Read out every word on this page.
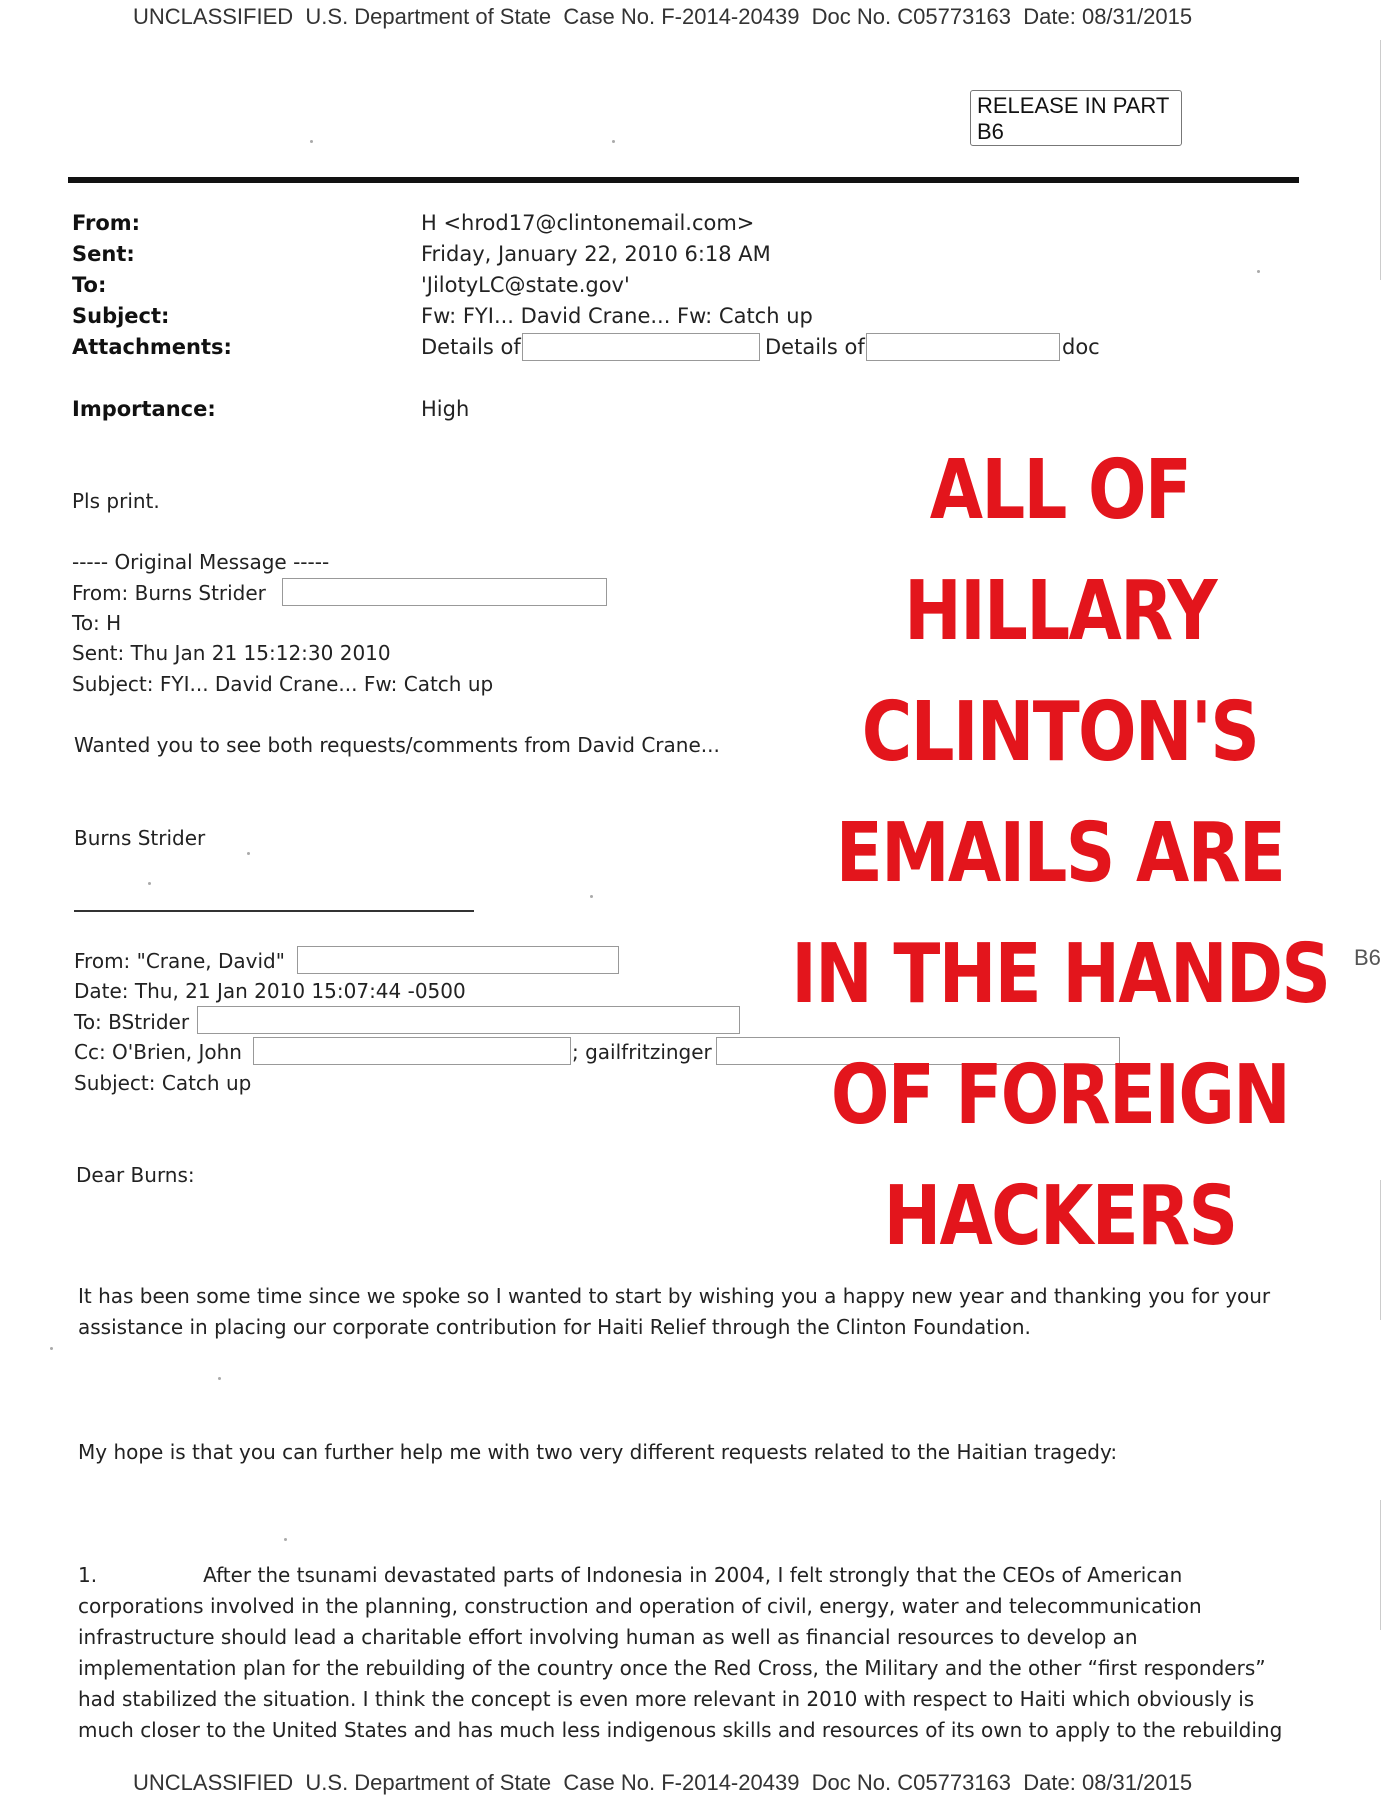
UNCLASSIFIED U.S. Department of State Case No. F-2014-20439 Doc No. C05773163 Date: 08/31/2015
RELEASE IN PART
B6
From:	H <hrod17@clintonemail.com>
Sent:	Friday, January 22, 2010 6:18 AM
To:	'JilotyLC@state.gov'
Subject:	Fw: FYI... David Crane... Fw: Catch up
Attachments:	Details of	Details of	doc
Importance:	High
Pls print.
----- Original Message -----
From: Burns Strider
To: H
Sent: Thu Jan 21 15:12:30 2010
Subject: FYI... David Crane... Fw: Catch up
Wanted you to see both requests/comments from David Crane...
Burns Strider
From: "Crane, David"
Date: Thu, 21 Jan 2010 15:07:44 -0500
To: BStrider
Cc: O'Brien, John	; gailfritzinger
Subject: Catch up
Dear Burns:
It has been some time since we spoke so I wanted to start by wishing you a happy new year and thanking you for your
assistance in placing our corporate contribution for Haiti Relief through the Clinton Foundation.
My hope is that you can further help me with two very different requests related to the Haitian tragedy:
1.	After the tsunami devastated parts of Indonesia in 2004, I felt strongly that the CEOs of American
corporations involved in the planning, construction and operation of civil, energy, water and telecommunication
infrastructure should lead a charitable effort involving human as well as financial resources to develop an
implementation plan for the rebuilding of the country once the Red Cross, the Military and the other “first responders”
had stabilized the situation. I think the concept is even more relevant in 2010 with respect to Haiti which obviously is
much closer to the United States and has much less indigenous skills and resources of its own to apply to the rebuilding
ALL OF
HILLARY
CLINTON'S
EMAILS ARE
IN THE HANDS
OF FOREIGN
HACKERS
B6
UNCLASSIFIED U.S. Department of State Case No. F-2014-20439 Doc No. C05773163 Date: 08/31/2015
